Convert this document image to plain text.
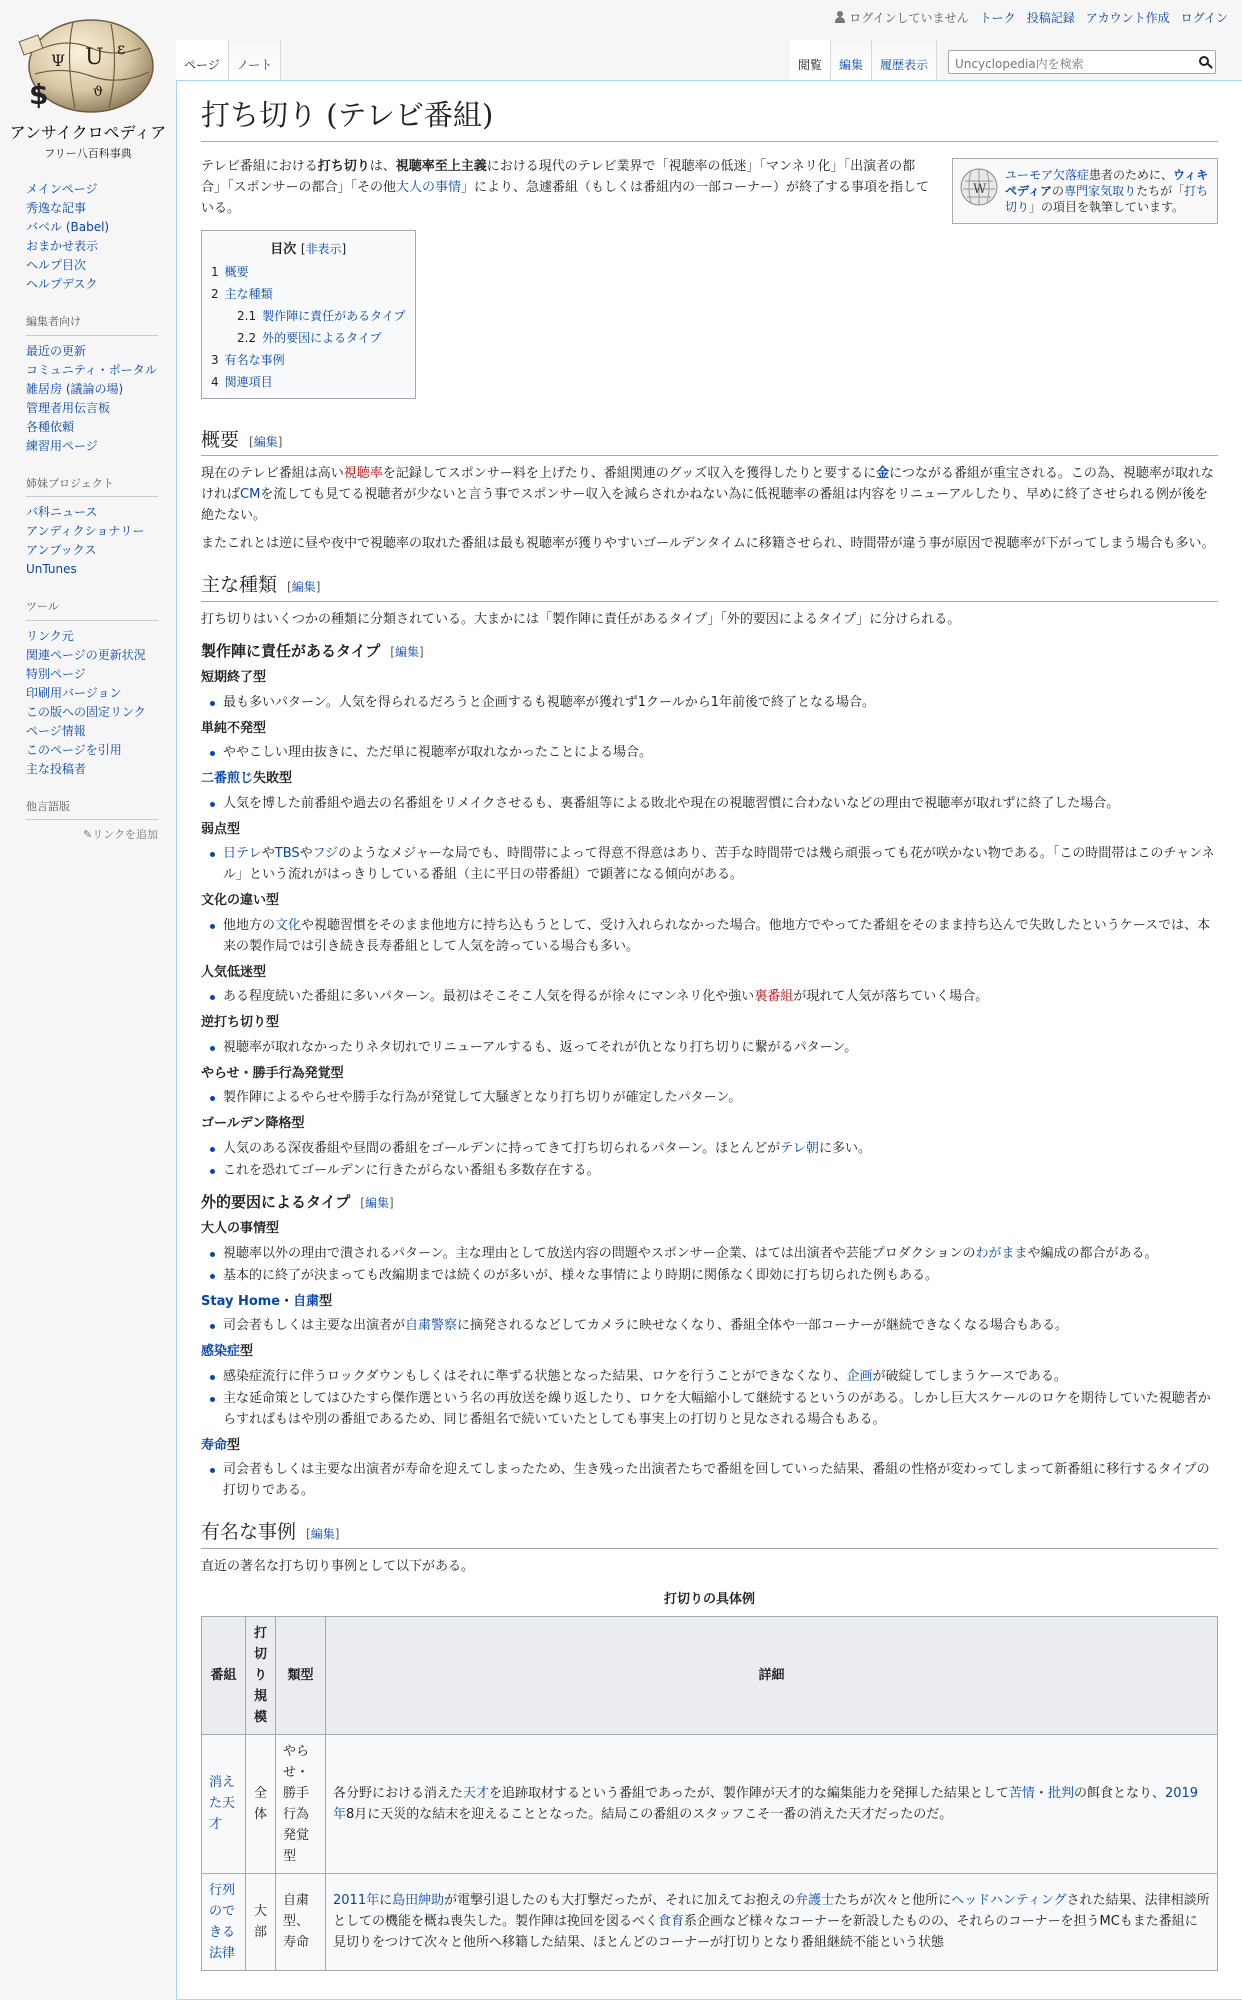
ログインしていません トーク 投稿記録 アカウント作成 ログイン
U ε
Ψ
ϑ
$
アンサイクロペディア
フリー八百科事典
メインページ
秀逸な記事
バベル (Babel)
おまかせ表示
ヘルプ目次
ヘルプデスク
編集者向け
最近の更新
コミュニティ・ポータル
雑居房 (議論の場)
管理者用伝言板
各種依頼
練習用ページ
姉妹プロジェクト
バ科ニュース
アンディクショナリー
アンブックス
UnTunes
ツール
リンク元
関連ページの更新状況
特別ページ
印刷用バージョン
この版への固定リンク
ページ情報
このページを引用
主な投稿者
他言語版
✎リンクを追加
ページ	ノート	閲覧	編集	履歴表示	Uncyclopedia内を検索
打ち切り (テレビ番組)
W
ユーモア欠落症患者のために、ウィキペディアの専門家気取りたちが「打ち切り」の項目を執筆しています。

テレビ番組における打ち切りは、視聴率至上主義における現代のテレビ業界で「視聴率の低迷」「マンネリ化」「出演者の都合」「スポンサーの都合」「その他大人の事情」により、急遽番組（もしくは番組内の一部コーナー）が終了する事項を指している。

目次 [非表示]
1 概要
2 主な種類
2.1 製作陣に責任があるタイプ
2.2 外的要因によるタイプ
3 有名な事例
4 関連項目
概要 [編集]

現在のテレビ番組は高い視聴率を記録してスポンサー料を上げたり、番組関連のグッズ収入を獲得したりと要するに金につながる番組が重宝される。この為、視聴率が取れなければCMを流しても見てる視聴者が少ないと言う事でスポンサー収入を減らされかねない為に低視聴率の番組は内容をリニューアルしたり、早めに終了させられる例が後を絶たない。

またこれとは逆に昼や夜中で視聴率の取れた番組は最も視聴率が獲りやすいゴールデンタイムに移籍させられ、時間帯が違う事が原因で視聴率が下がってしまう場合も多い。

主な種類 [編集]

打ち切りはいくつかの種類に分類されている。大まかには「製作陣に責任があるタイプ」「外的要因によるタイプ」に分けられる。

製作陣に責任があるタイプ [編集]
短期終了型
最も多いパターン。人気を得られるだろうと企画するも視聴率が獲れず1クールから1年前後で終了となる場合。
単純不発型
ややこしい理由抜きに、ただ単に視聴率が取れなかったことによる場合。
二番煎じ失敗型
人気を博した前番組や過去の名番組をリメイクさせるも、裏番組等による敗北や現在の視聴習慣に合わないなどの理由で視聴率が取れずに終了した場合。
弱点型
日テレやTBSやフジのようなメジャーな局でも、時間帯によって得意不得意はあり、苦手な時間帯では幾ら頑張っても花が咲かない物である。「この時間帯はこのチャンネル」という流れがはっきりしている番組（主に平日の帯番組）で顕著になる傾向がある。
文化の違い型
他地方の文化や視聴習慣をそのまま他地方に持ち込もうとして、受け入れられなかった場合。他地方でやってた番組をそのまま持ち込んで失敗したというケースでは、本来の製作局では引き続き長寿番組として人気を誇っている場合も多い。
人気低迷型
ある程度続いた番組に多いパターン。最初はそこそこ人気を得るが徐々にマンネリ化や強い裏番組が現れて人気が落ちていく場合。
逆打ち切り型
視聴率が取れなかったりネタ切れでリニューアルするも、返ってそれが仇となり打ち切りに繋がるパターン。
やらせ・勝手行為発覚型
製作陣によるやらせや勝手な行為が発覚して大騒ぎとなり打ち切りが確定したパターン。
ゴールデン降格型
人気のある深夜番組や昼間の番組をゴールデンに持ってきて打ち切られるパターン。ほとんどがテレ朝に多い。
これを恐れてゴールデンに行きたがらない番組も多数存在する。
外的要因によるタイプ [編集]
大人の事情型
視聴率以外の理由で潰されるパターン。主な理由として放送内容の問題やスポンサー企業、はては出演者や芸能プロダクションのわがままや編成の都合がある。
基本的に終了が決まっても改編期までは続くのが多いが、様々な事情により時期に関係なく即効に打ち切られた例もある。
Stay Home・自粛型
司会者もしくは主要な出演者が自粛警察に摘発されるなどしてカメラに映せなくなり、番組全体や一部コーナーが継続できなくなる場合もある。
感染症型
感染症流行に伴うロックダウンもしくはそれに準ずる状態となった結果、ロケを行うことができなくなり、企画が破綻してしまうケースである。
主な延命策としてはひたすら傑作選という名の再放送を繰り返したり、ロケを大幅縮小して継続するというのがある。しかし巨大スケールのロケを期待していた視聴者からすればもはや別の番組であるため、同じ番組名で続いていたとしても事実上の打切りと見なされる場合もある。
寿命型
司会者もしくは主要な出演者が寿命を迎えてしまったため、生き残った出演者たちで番組を回していった結果、番組の性格が変わってしまって新番組に移行するタイプの打切りである。
有名な事例 [編集]

直近の著名な打ち切り事例として以下がある。

打切りの具体例
番組	打切り規模	類型	詳細
消えた天才	全体	やらせ・勝手行為発覚型	各分野における消えた天才を追跡取材するという番組であったが、製作陣が天才的な編集能力を発揮した結果として苦情・批判の餌食となり、2019年8月に天災的な結末を迎えることとなった。結局この番組のスタッフこそ一番の消えた天才だったのだ。
行列のできる法律	大部	自粛型、寿命	2011年に島田紳助が電撃引退したのも大打撃だったが、それに加えてお抱えの弁護士たちが次々と他所にヘッドハンティングされた結果、法律相談所としての機能を概ね喪失した。製作陣は挽回を図るべく食育系企画など様々なコーナーを新設したものの、それらのコーナーを担うMCもまた番組に見切りをつけて次々と他所へ移籍した結果、ほとんどのコーナーが打切りとなり番組継続不能という状態
